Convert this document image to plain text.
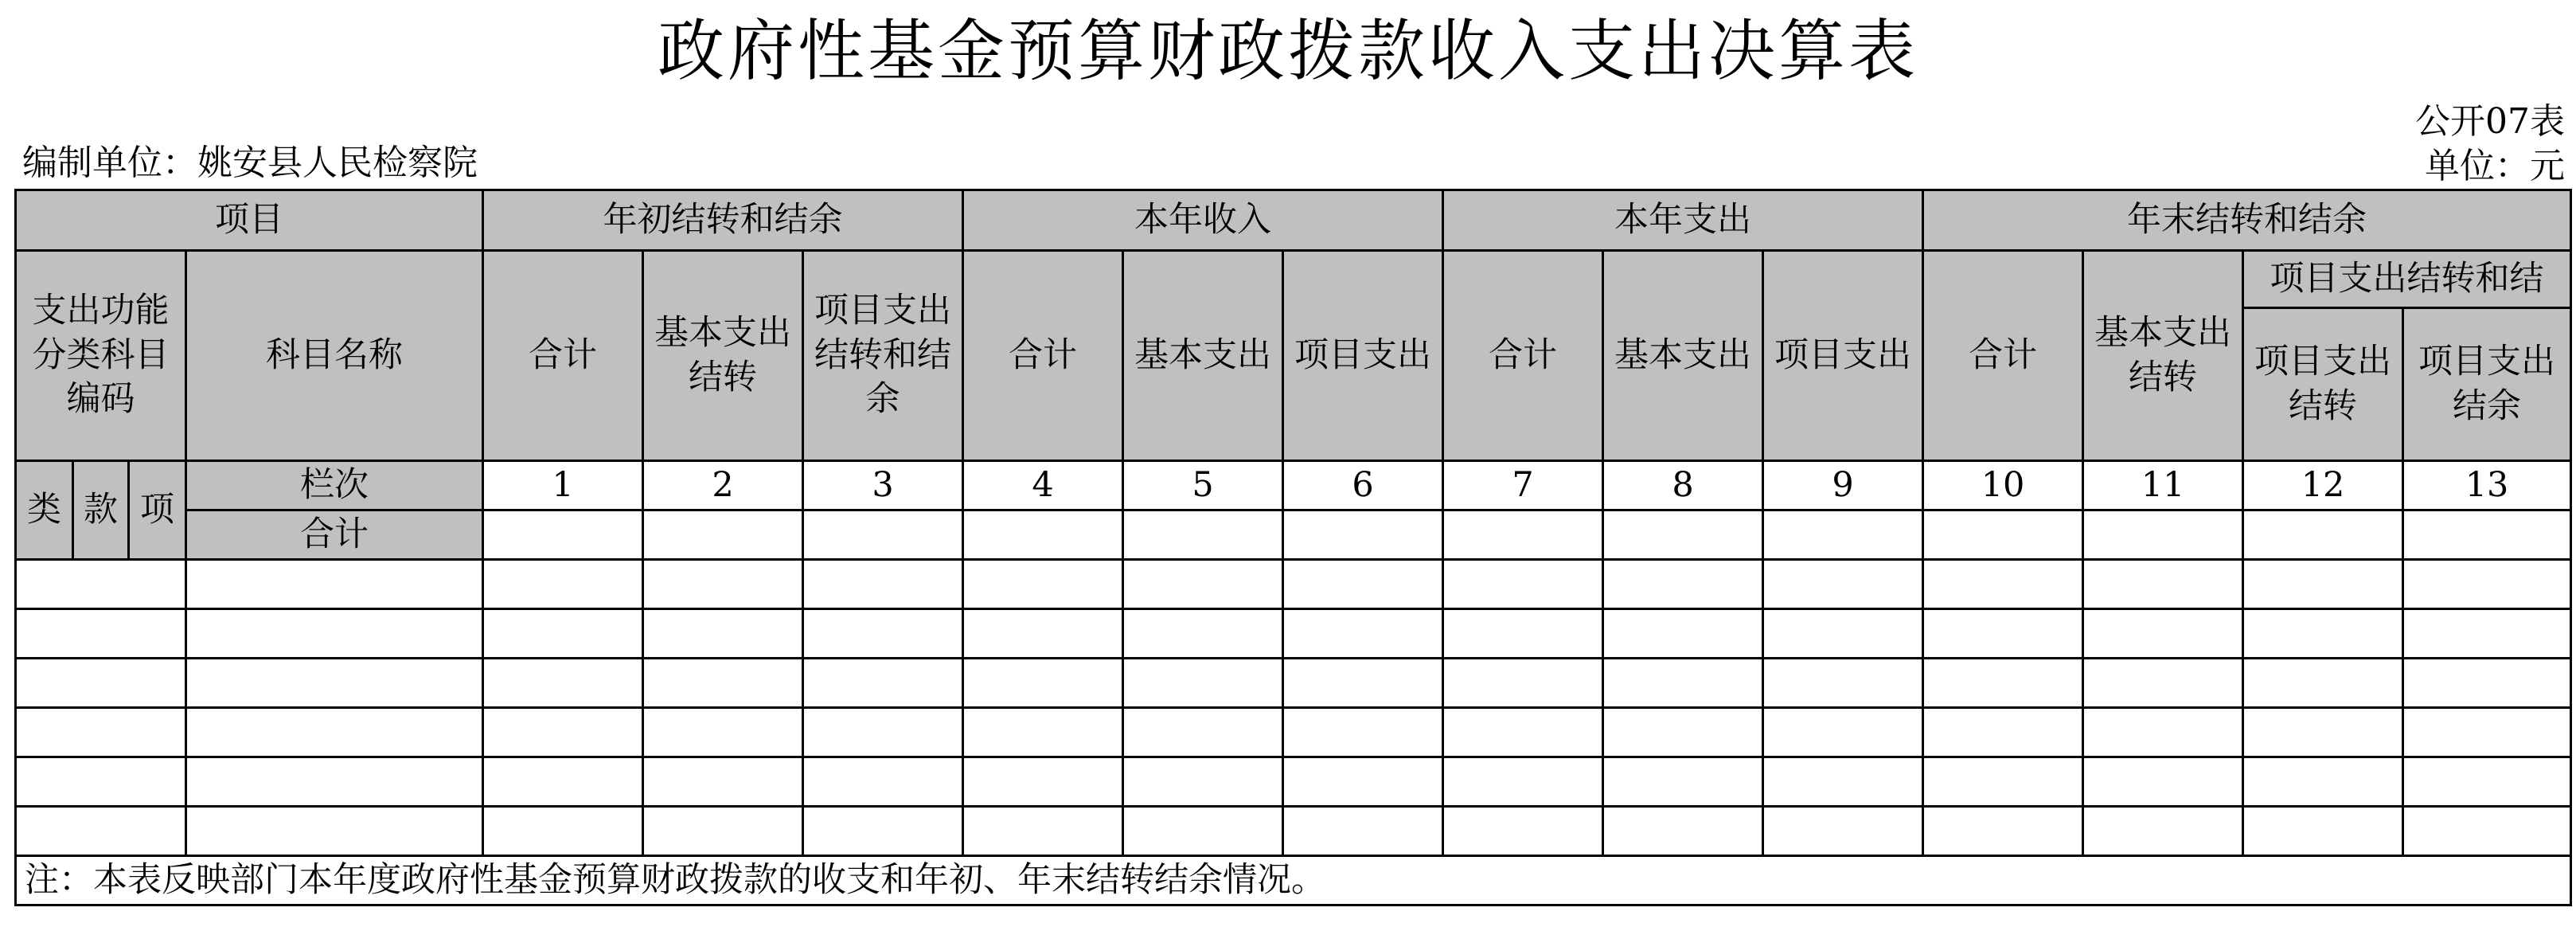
政府性基金预算财政拨款收入支出决算表
编制单位：姚安县人民检察院
公开07表
单位：元
项目				年初结转和结余			本年收入			本年支出			年末结转和结余			
支出功能分类科目编码			科目名称	合计	基本支出结转	项目支出结转和结余	合计	基本支出	项目支出	合计	基本支出	项目支出	合计	基本支出结转	项目支出结转和结	
															项目支出结转	项目支出结余
类	款	项	栏次	1	2	3	4	5	6	7	8	9	10	11	12	13
			合计													

注：本表反映部门本年度政府性基金预算财政拨款的收支和年初、年末结转结余情况。																
